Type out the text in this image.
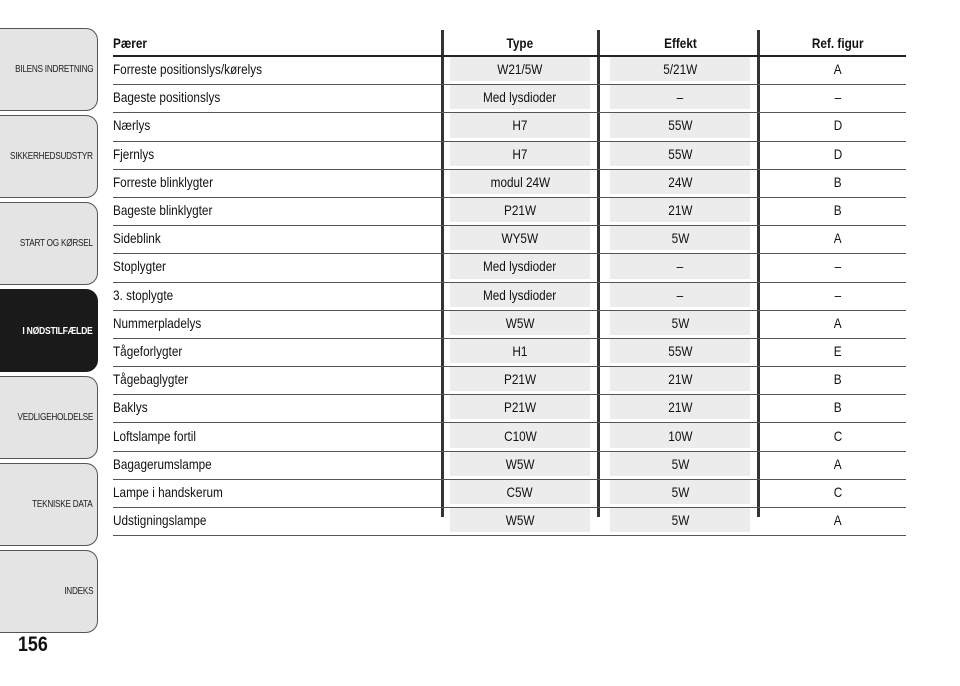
BILENS INDRETNING
SIKKERHEDSUDSTYR
START OG KØRSEL
I NØDSTILFÆLDE
VEDLIGEHOLDELSE
TEKNISKE DATA
INDEKS
156
Pærer	Type	Effekt	Ref. figur
Forreste positionslys/kørelys	W21/5W	5/21W	A
Bageste positionslys	Med lysdioder	–	–
Nærlys	H7	55W	D
Fjernlys	H7	55W	D
Forreste blinklygter	modul 24W	24W	B
Bageste blinklygter	P21W	21W	B
Sideblink	WY5W	5W	A
Stoplygter	Med lysdioder	–	–
3. stoplygte	Med lysdioder	–	–
Nummerpladelys	W5W	5W	A
Tågeforlygter	H1	55W	E
Tågebaglygter	P21W	21W	B
Baklys	P21W	21W	B
Loftslampe fortil	C10W	10W	C
Bagagerumslampe	W5W	5W	A
Lampe i handskerum	C5W	5W	C
Udstigningslampe	W5W	5W	A
